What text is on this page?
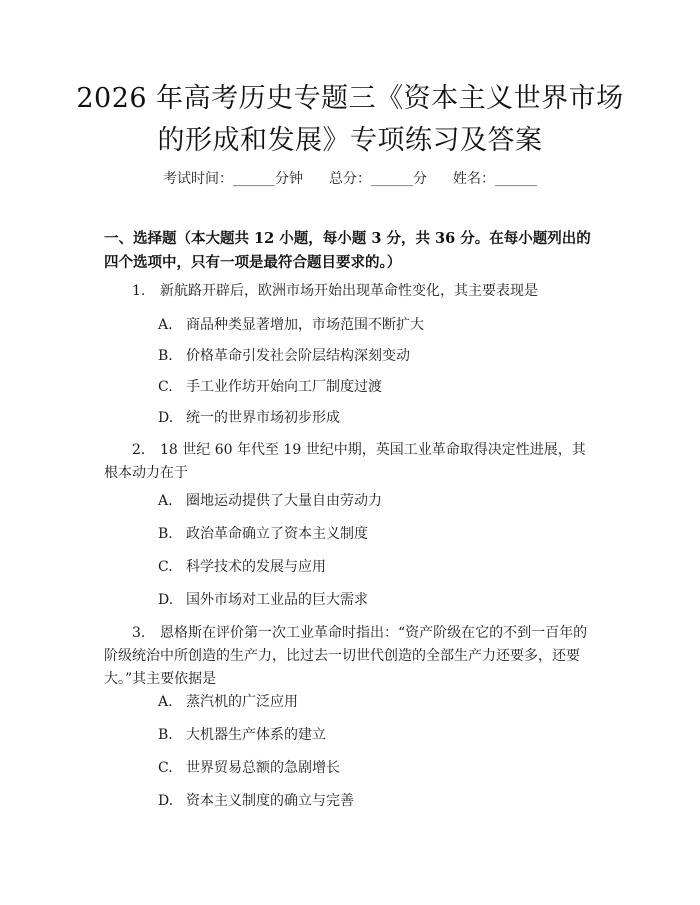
2026 年高考历史专题三《资本主义世界市场
的形成和发展》专项练习及答案
考试时间：______分钟 总分：______分 姓名：______
一、选择题（本大题共 12 小题，每小题 3 分，共 36 分。在每小题列出的四个选项中，只有一项是最符合题目要求的。）
1. 新航路开辟后，欧洲市场开始出现革命性变化，其主要表现是
A. 商品种类显著增加，市场范围不断扩大
B. 价格革命引发社会阶层结构深刻变动
C. 手工业作坊开始向工厂制度过渡
D. 统一的世界市场初步形成
2. 18 世纪 60 年代至 19 世纪中期，英国工业革命取得决定性进展，其根本动力在于
A. 圈地运动提供了大量自由劳动力
B. 政治革命确立了资本主义制度
C. 科学技术的发展与应用
D. 国外市场对工业品的巨大需求
3. 恩格斯在评价第一次工业革命时指出：“资产阶级在它的不到一百年的阶级统治中所创造的生产力，比过去一切世代创造的全部生产力还要多，还要大。”其主要依据是
A. 蒸汽机的广泛应用
B. 大机器生产体系的建立
C. 世界贸易总额的急剧增长
D. 资本主义制度的确立与完善
